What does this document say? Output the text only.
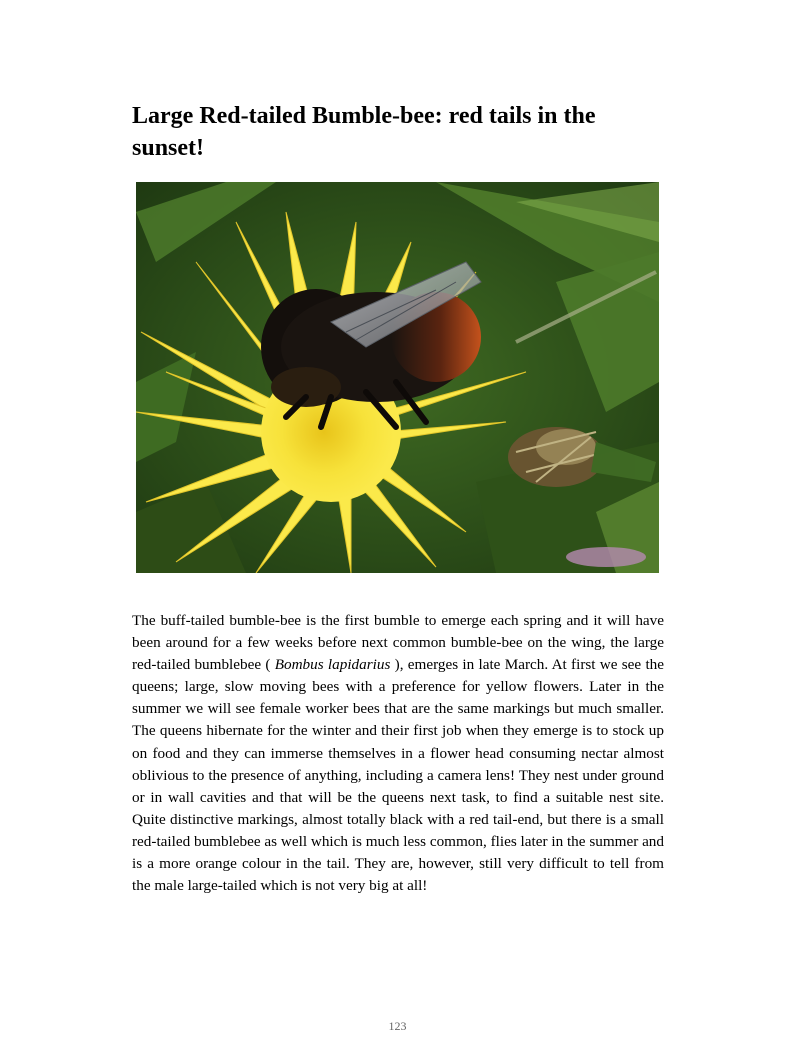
Large Red-tailed Bumble-bee: red tails in the sunset!

The buff-tailed bumble-bee is the first bumble to emerge each spring and it will have been around for a few weeks before next common bumble-bee on the wing, the large red-tailed bumblebee ( Bombus lapidarius ), emerges in late March. At first we see the queens; large, slow moving bees with a preference for yellow flowers. Later in the summer we will see female worker bees that are the same markings but much smaller. The queens hibernate for the winter and their first job when they emerge is to stock up on food and they can immerse themselves in a flower head consuming nectar almost oblivious to the presence of anything, including a camera lens! They nest under ground or in wall cavities and that will be the queens next task, to find a suitable nest site. Quite distinctive markings, almost totally black with a red tail-end, but there is a small red-tailed bumblebee as well which is much less common, flies later in the summer and is a more orange colour in the tail. They are, however, still very difficult to tell from the male large-tailed which is not very big at all!

123
